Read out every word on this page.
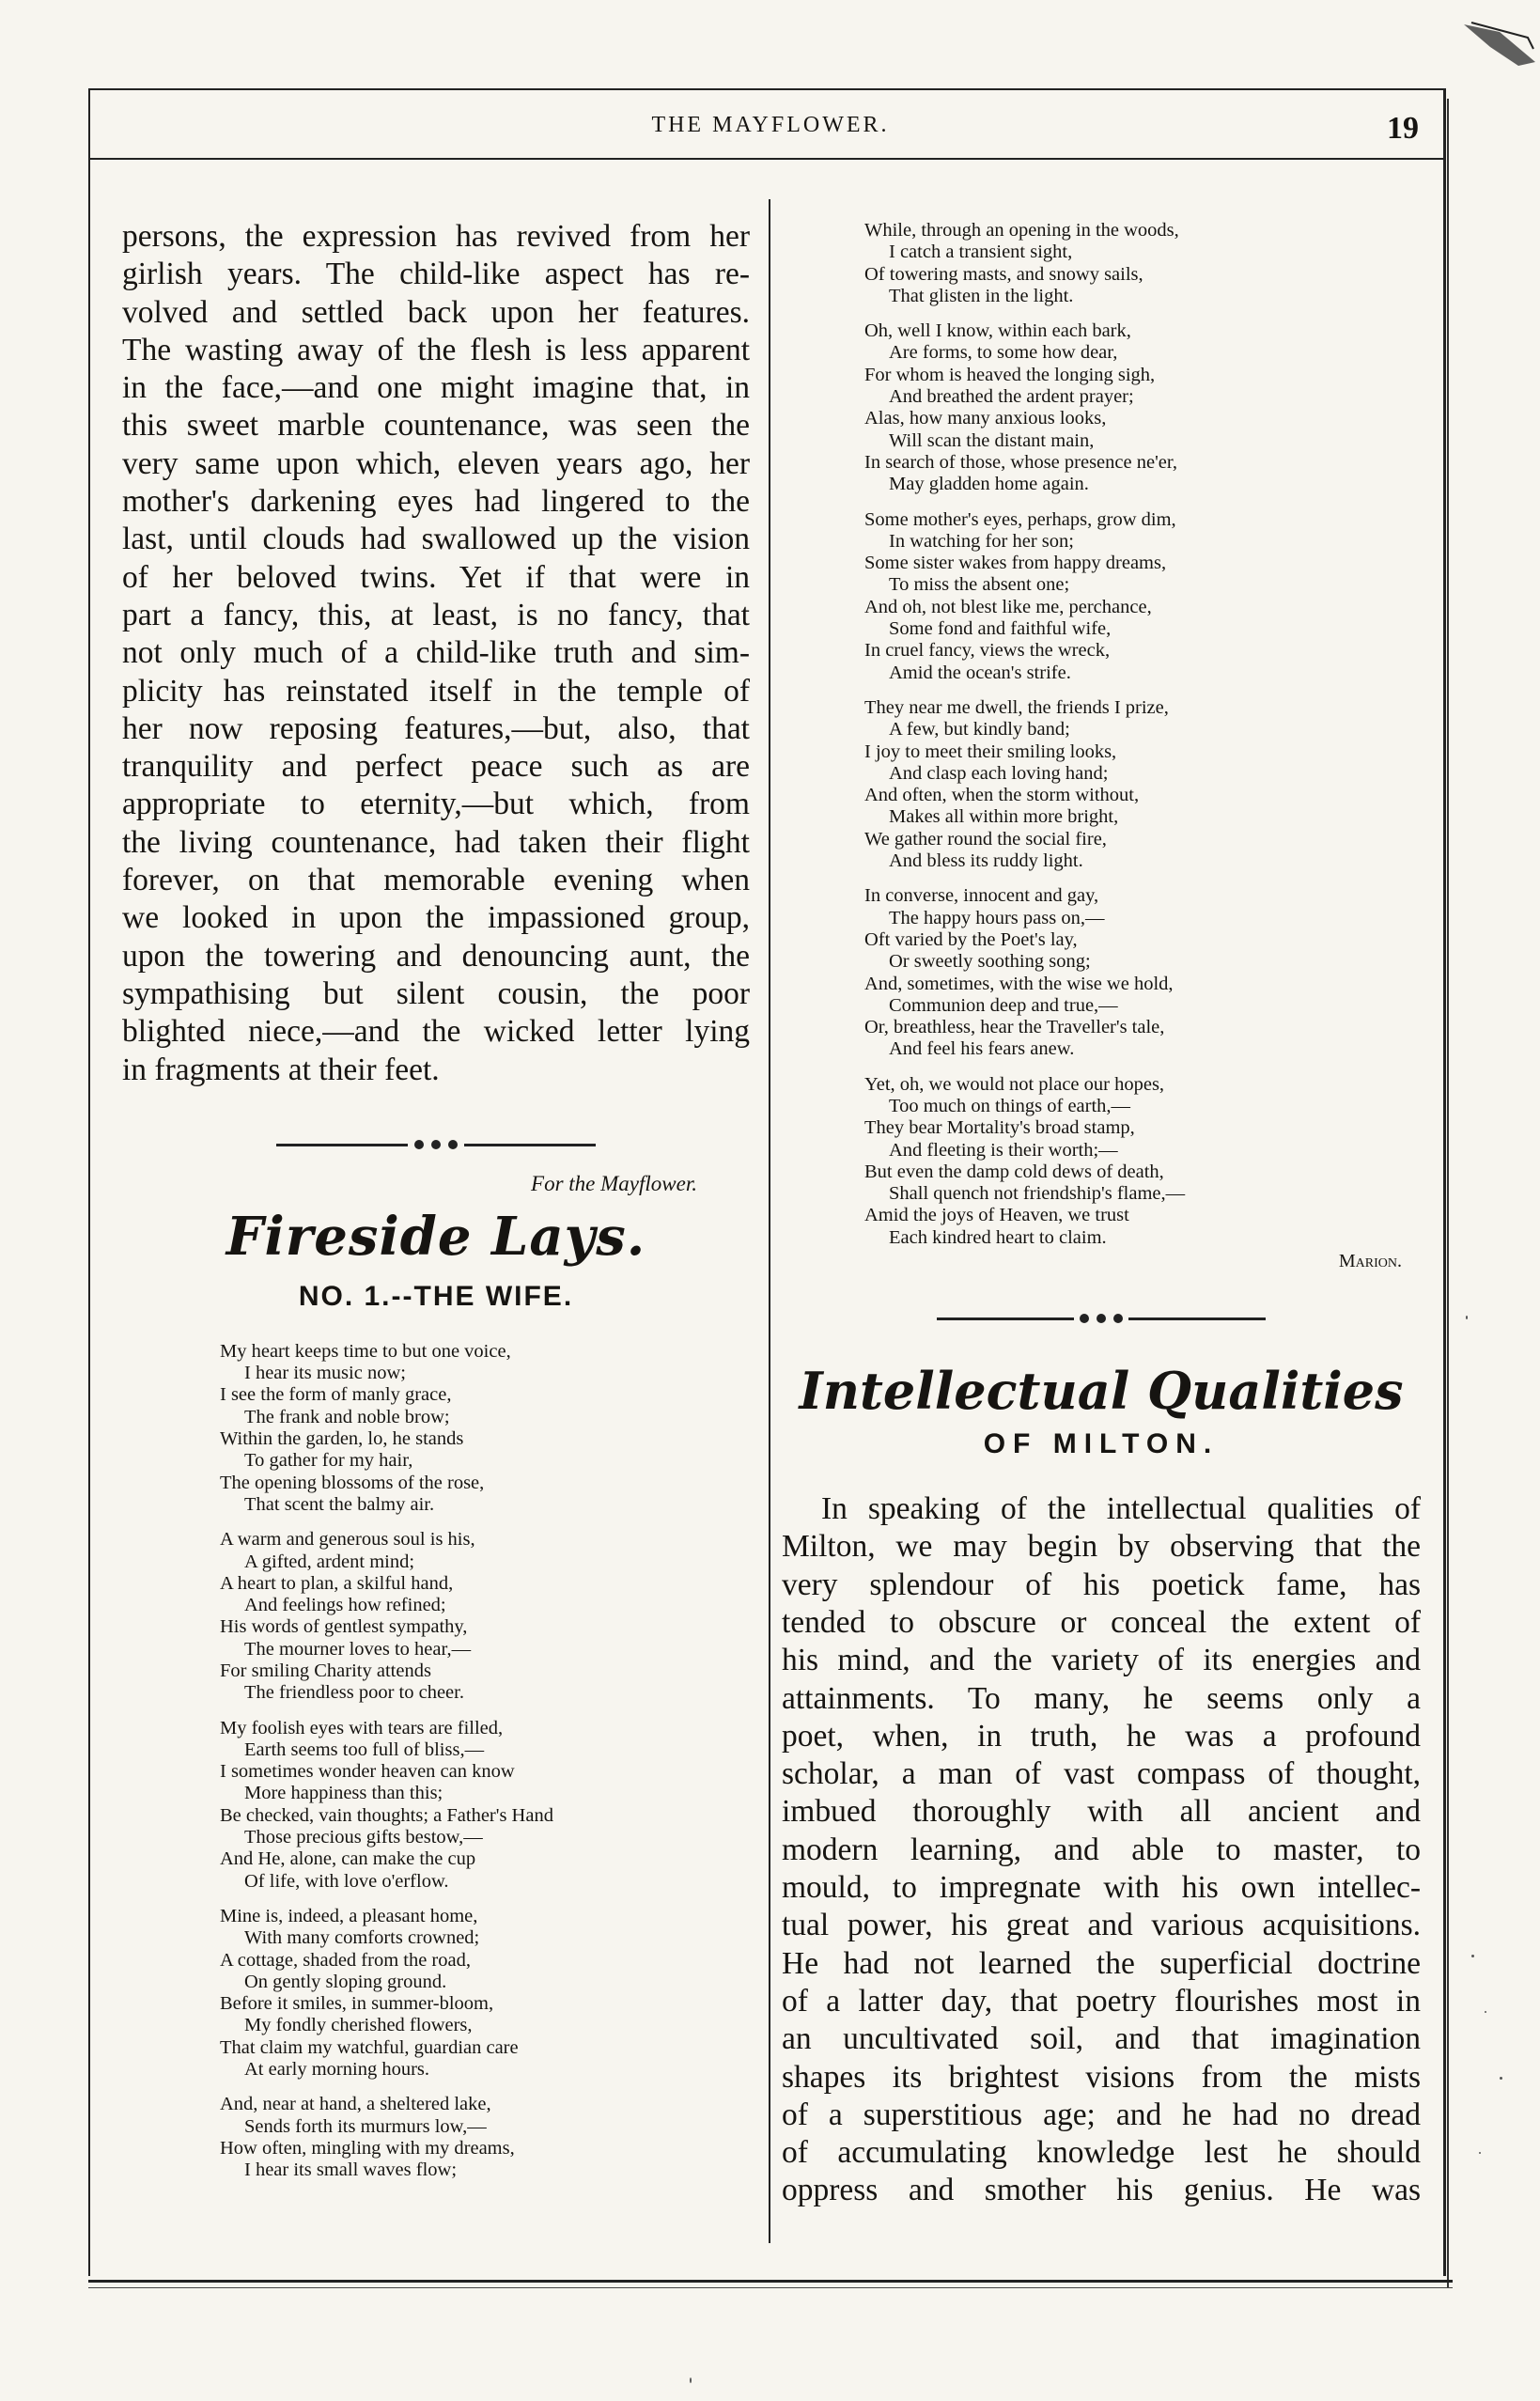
THE MAYFLOWER.	19
persons, the expression has revived from her
girlish years. The child-like aspect has re-
volved and settled back upon her features.
The wasting away of the flesh is less apparent
in the face,—and one might imagine that, in
this sweet marble countenance, was seen the
very same upon which, eleven years ago, her
mother's darkening eyes had lingered to the
last, until clouds had swallowed up the vision
of her beloved twins. Yet if that were in
part a fancy, this, at least, is no fancy, that
not only much of a child-like truth and sim-
plicity has reinstated itself in the temple of
her now reposing features,—but, also, that
tranquility and perfect peace such as are
appropriate to eternity,—but which, from
the living countenance, had taken their flight
forever, on that memorable evening when
we looked in upon the impassioned group,
upon the towering and denouncing aunt, the
sympathising but silent cousin, the poor
blighted niece,—and the wicked letter lying
in fragments at their feet.

For the Mayflower.

Fireside Lays.

NO. 1.--THE WIFE.

My heart keeps time to but one voice,
I hear its music now;
I see the form of manly grace,
The frank and noble brow;
Within the garden, lo, he stands
To gather for my hair,
The opening blossoms of the rose,
That scent the balmy air.
A warm and generous soul is his,
A gifted, ardent mind;
A heart to plan, a skilful hand,
And feelings how refined;
His words of gentlest sympathy,
The mourner loves to hear,—
For smiling Charity attends
The friendless poor to cheer.
My foolish eyes with tears are filled,
Earth seems too full of bliss,—
I sometimes wonder heaven can know
More happiness than this;
Be checked, vain thoughts; a Father's Hand
Those precious gifts bestow,—
And He, alone, can make the cup
Of life, with love o'erflow.
Mine is, indeed, a pleasant home,
With many comforts crowned;
A cottage, shaded from the road,
On gently sloping ground.
Before it smiles, in summer-bloom,
My fondly cherished flowers,
That claim my watchful, guardian care
At early morning hours.
And, near at hand, a sheltered lake,
Sends forth its murmurs low,—
How often, mingling with my dreams,
I hear its small waves flow;
While, through an opening in the woods,
I catch a transient sight,
Of towering masts, and snowy sails,
That glisten in the light.
Oh, well I know, within each bark,
Are forms, to some how dear,
For whom is heaved the longing sigh,
And breathed the ardent prayer;
Alas, how many anxious looks,
Will scan the distant main,
In search of those, whose presence ne'er,
May gladden home again.
Some mother's eyes, perhaps, grow dim,
In watching for her son;
Some sister wakes from happy dreams,
To miss the absent one;
And oh, not blest like me, perchance,
Some fond and faithful wife,
In cruel fancy, views the wreck,
Amid the ocean's strife.
They near me dwell, the friends I prize,
A few, but kindly band;
I joy to meet their smiling looks,
And clasp each loving hand;
And often, when the storm without,
Makes all within more bright,
We gather round the social fire,
And bless its ruddy light.
In converse, innocent and gay,
The happy hours pass on,—
Oft varied by the Poet's lay,
Or sweetly soothing song;
And, sometimes, with the wise we hold,
Communion deep and true,—
Or, breathless, hear the Traveller's tale,
And feel his fears anew.
Yet, oh, we would not place our hopes,
Too much on things of earth,—
They bear Mortality's broad stamp,
And fleeting is their worth;—
But even the damp cold dews of death,
Shall quench not friendship's flame,—
Amid the joys of Heaven, we trust
Each kindred heart to claim.

Marion.

Intellectual Qualities

OF MILTON.

In speaking of the intellectual qualities of
Milton, we may begin by observing that the
very splendour of his poetick fame, has
tended to obscure or conceal the extent of
his mind, and the variety of its energies and
attainments. To many, he seems only a
poet, when, in truth, he was a profound
scholar, a man of vast compass of thought,
imbued thoroughly with all ancient and
modern learning, and able to master, to
mould, to impregnate with his own intellec-
tual power, his great and various acquisitions.
He had not learned the superficial doctrine
of a latter day, that poetry flourishes most in
an uncultivated soil, and that imagination
shapes its brightest visions from the mists
of a superstitious age; and he had no dread
of accumulating knowledge lest he should
oppress and smother his genius. He was
